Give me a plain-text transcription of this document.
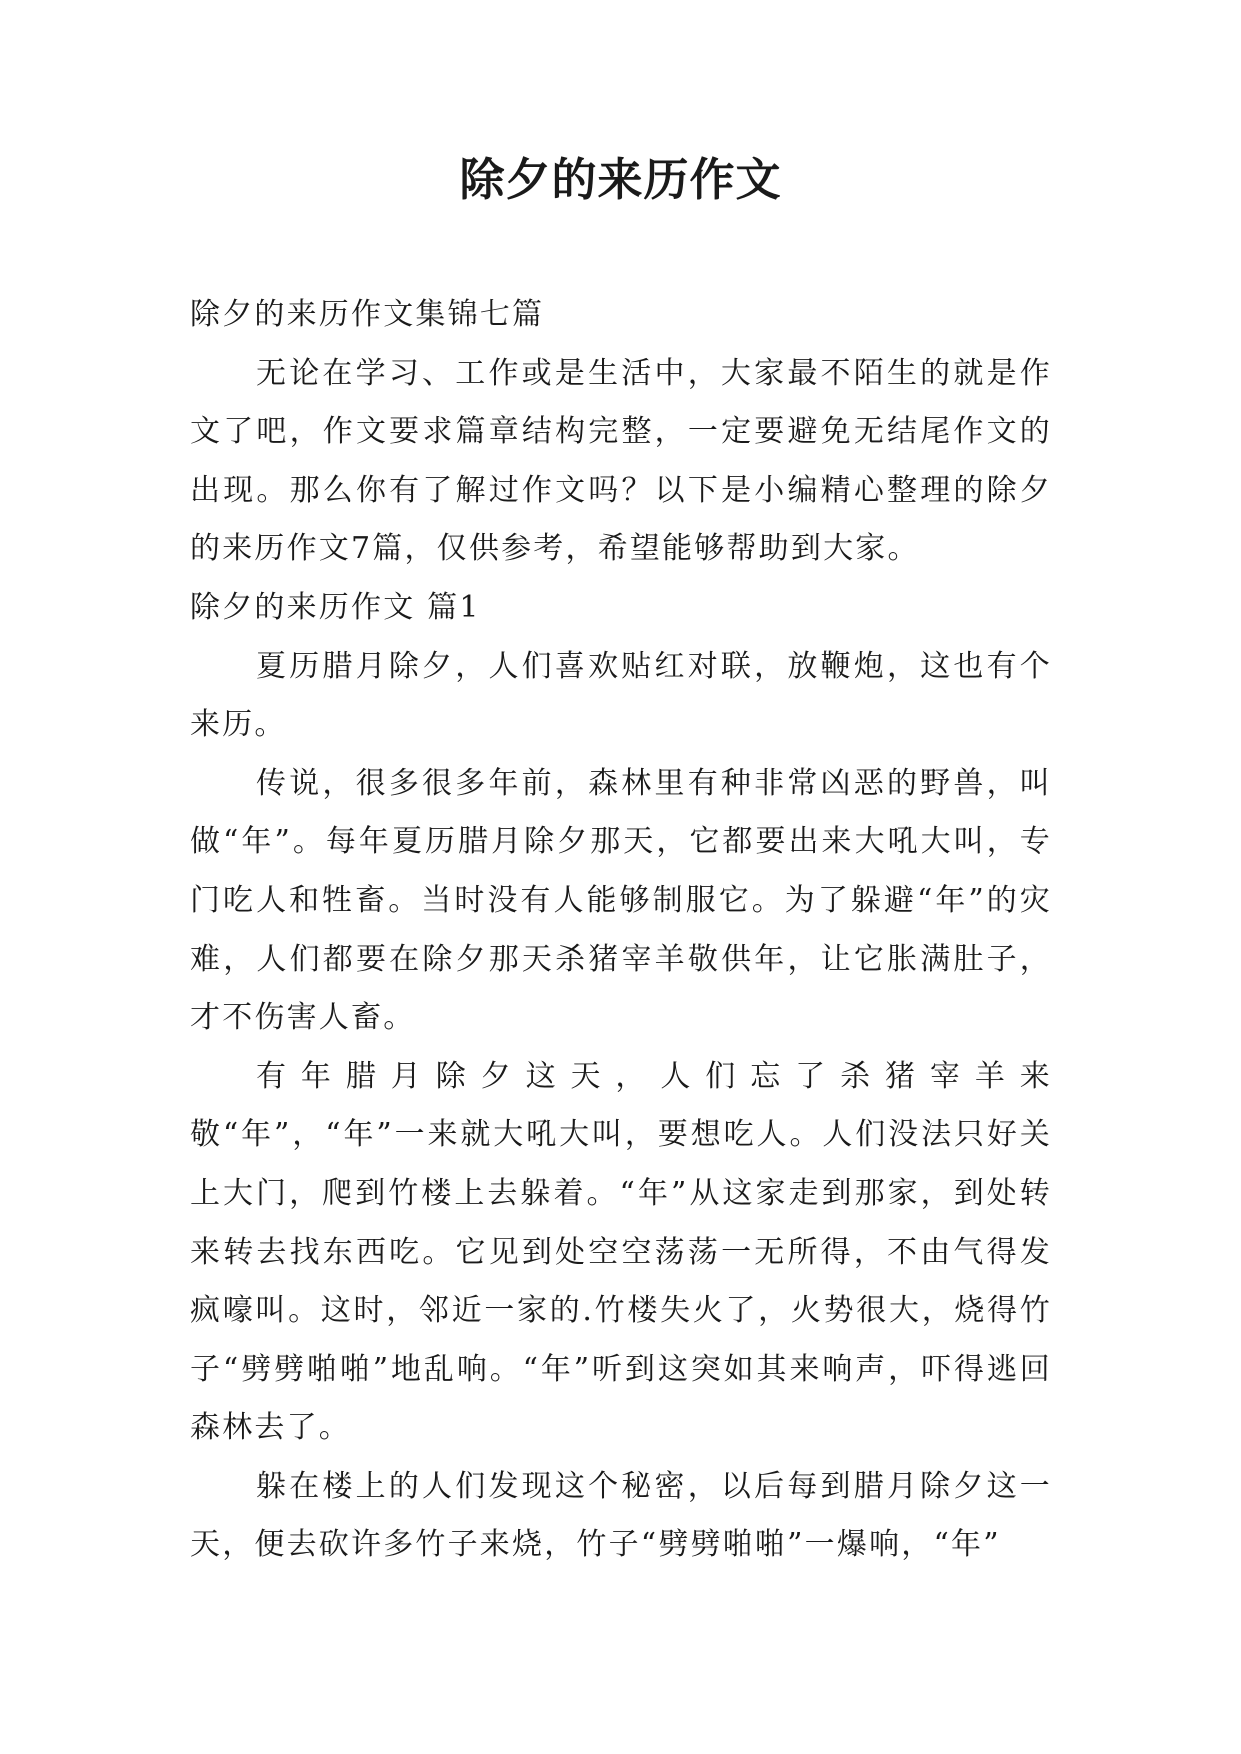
除夕的来历作文

除夕的来历作文集锦七篇

无论在学习、工作或是生活中，大家最不陌生的就是作文了吧，作文要求篇章结构完整，一定要避免无结尾作文的出现。那么你有了解过作文吗？以下是小编精心整理的除夕的来历作文7篇，仅供参考，希望能够帮助到大家。

除夕的来历作文 篇1

夏历腊月除夕，人们喜欢贴红对联，放鞭炮，这也有个来历。

传说，很多很多年前，森林里有种非常凶恶的野兽，叫做“年”。每年夏历腊月除夕那天，它都要出来大吼大叫，专门吃人和牲畜。当时没有人能够制服它。为了躲避“年”的灾难，人们都要在除夕那天杀猪宰羊敬供年，让它胀满肚子，才不伤害人畜。

有年腊月除夕这天，人们忘了杀猪宰羊来敬“年”，“年”一来就大吼大叫，要想吃人。人们没法只好关上大门，爬到竹楼上去躲着。“年”从这家走到那家，到处转来转去找东西吃。它见到处空空荡荡一无所得，不由气得发疯嚎叫。这时，邻近一家的.竹楼失火了，火势很大，烧得竹子“劈劈啪啪”地乱响。“年”听到这突如其来响声，吓得逃回森林去了。

躲在楼上的人们发现这个秘密，以后每到腊月除夕这一天，便去砍许多竹子来烧，竹子“劈劈啪啪”一爆响，“年”
